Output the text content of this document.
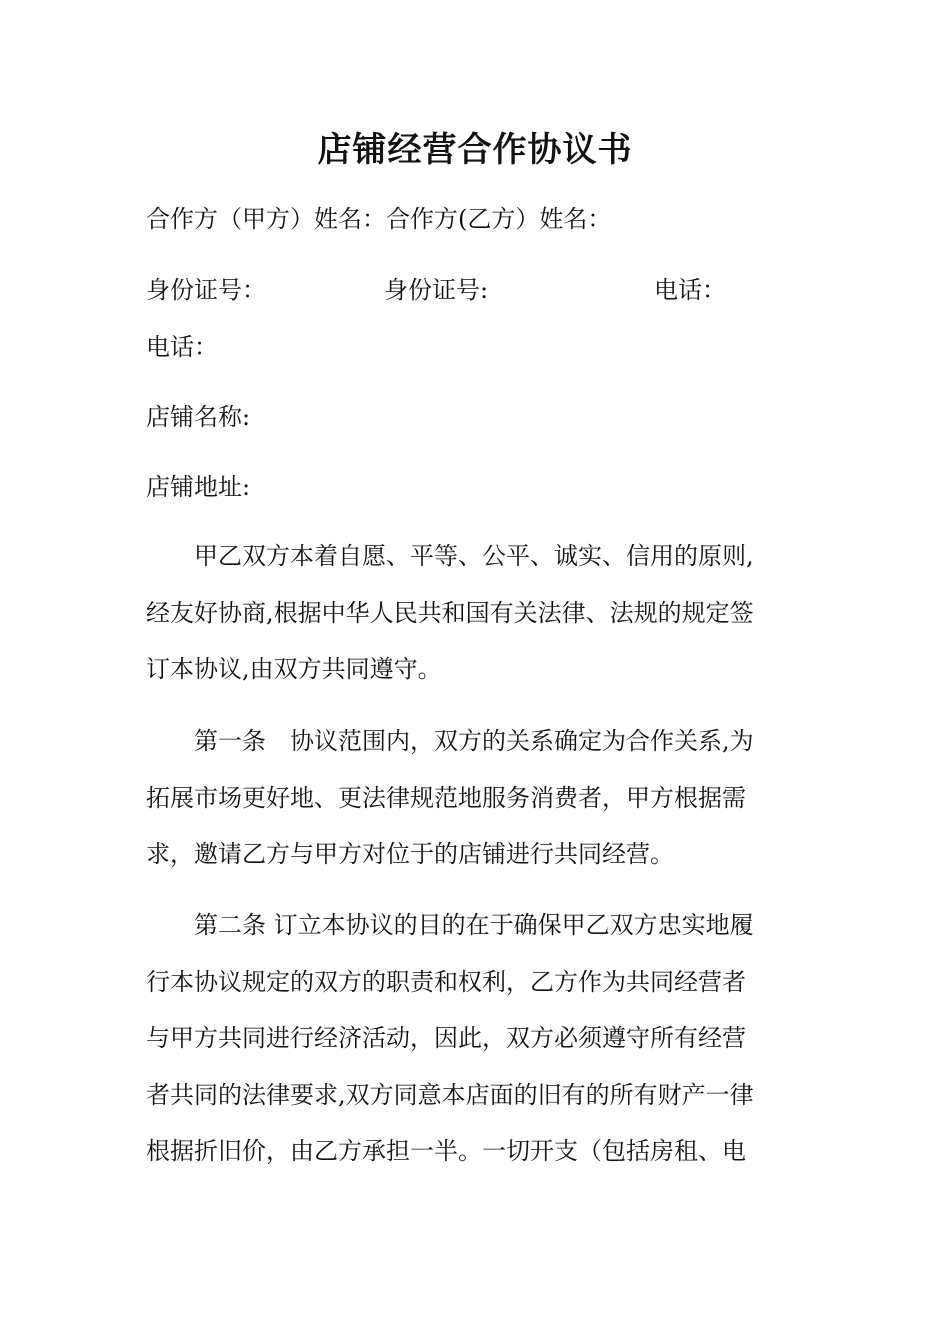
店铺经营合作协议书

合作方（甲方）姓名：合作方(乙方）姓名：

身份证号：	身份证号:	电话：

电话：

店铺名称:

店铺地址:

　　甲乙双方本着自愿、平等、公平、诚实、信用的原则,
经友好协商,根据中华人民共和国有关法律、法规的规定签
订本协议,由双方共同遵守。
　　第一条　协议范围内，双方的关系确定为合作关系,为
拓展市场更好地、更法律规范地服务消费者，甲方根据需
求，邀请乙方与甲方对位于的店铺进行共同经营。
　　第二条 订立本协议的目的在于确保甲乙双方忠实地履
行本协议规定的双方的职责和权利，乙方作为共同经营者
与甲方共同进行经济活动，因此，双方必须遵守所有经营
者共同的法律要求,双方同意本店面的旧有的所有财产一律
根据折旧价，由乙方承担一半。一切开支（包括房租、电
